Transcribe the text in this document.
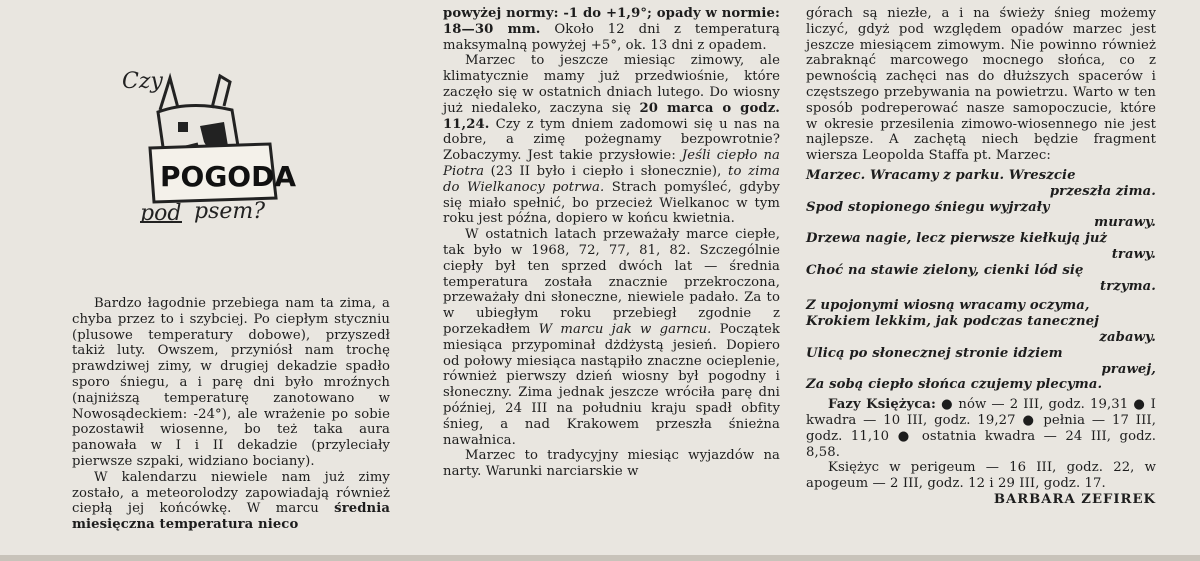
POGODA
Czy
pod psem?

Bardzo łagodnie przebiega nam ta zima, a chyba przez to i szybciej. Po ciepłym styczniu (plusowe temperatury dobowe), przyszedł takiż luty. Owszem, przyniósł nam trochę prawdziwej zimy, w drugiej dekadzie spadło sporo śniegu, a i parę dni było mroźnych (najniższą temperaturę zanotowano w Nowosądeckiem: -24°), ale wrażenie po sobie pozostawił wiosenne, bo też taka aura panowała w I i II dekadzie (przyleciały pierwsze szpaki, widziano bociany).

W kalendarzu niewiele nam już zimy zostało, a meteorolodzy zapowiadają również ciepłą jej końcówkę. W marcu średnia miesięczna temperatura nieco

powyżej normy: -1 do +1,9°; opady w normie: 18—30 mm. Około 12 dni z temperaturą maksymalną powyżej +5°, ok. 13 dni z opadem.

Marzec to jeszcze miesiąc zimowy, ale klimatycznie mamy już przedwiośnie, które zaczęło się w ostatnich dniach lutego. Do wiosny już niedaleko, zaczyna się 20 marca o godz. 11,24. Czy z tym dniem zadomowi się u nas na dobre, a zimę pożegnamy bezpowrotnie? Zobaczymy. Jest takie przysłowie: Jeśli ciepło na Piotra (23 II było i ciepło i słonecznie), to zima do Wielkanocy potrwa. Strach pomyśleć, gdyby się miało spełnić, bo przecież Wielkanoc w tym roku jest późna, dopiero w końcu kwietnia.

W ostatnich latach przeważały marce ciepłe, tak było w 1968, 72, 77, 81, 82. Szczególnie ciepły był ten sprzed dwóch lat — średnia temperatura została znacznie przekroczona, przeważały dni słoneczne, niewiele padało. Za to w ubiegłym roku przebiegł zgodnie z porzekadłem W marcu jak w garncu. Początek miesiąca przypominał dżdżystą jesień. Dopiero od połowy miesiąca nastąpiło znaczne ocieplenie, również pierwszy dzień wiosny był pogodny i słoneczny. Zima jednak jeszcze wróciła parę dni później, 24 III na południu kraju spadł obfity śnieg, a nad Krakowem przeszła śnieżna nawałnica.

Marzec to tradycyjny miesiąc wyjazdów na narty. Warunki narciarskie w

górach są niezłe, a i na świeży śnieg możemy liczyć, gdyż pod względem opadów marzec jest jeszcze miesiącem zimowym. Nie powinno również zabraknąć marcowego mocnego słońca, co z pewnością zachęci nas do dłuższych spacerów i częstszego przebywania na powietrzu. Warto w ten sposób podreperować nasze samopoczucie, które w okresie przesilenia zimowo-wiosennego nie jest najlepsze. A zachętą niech będzie fragment wiersza Leopolda Staffa pt. Marzec:

Marzec. Wracamy z parku. Wreszcie

przeszła zima.

Spod stopionego śniegu wyjrzały

murawy.

Drzewa nagie, lecz pierwsze kiełkują już

trawy.

Choć na stawie zielony, cienki lód się

trzyma.

Z upojonymi wiosną wracamy oczyma,

Krokiem lekkim, jak podczas tanecznej

zabawy.

Ulicą po słonecznej stronie idziem

prawej,

Za sobą ciepło słońca czujemy plecyma.

Fazy Księżyca: ● nów — 2 III, godz. 19,31 ● I kwadra — 10 III, godz. 19,27 ● pełnia — 17 III, godz. 11,10 ● ostatnia kwadra — 24 III, godz. 8,58.

Księżyc w perigeum — 16 III, godz. 22, w apogeum — 2 III, godz. 12 i 29 III, godz. 17.

BARBARA ZEFIREK
